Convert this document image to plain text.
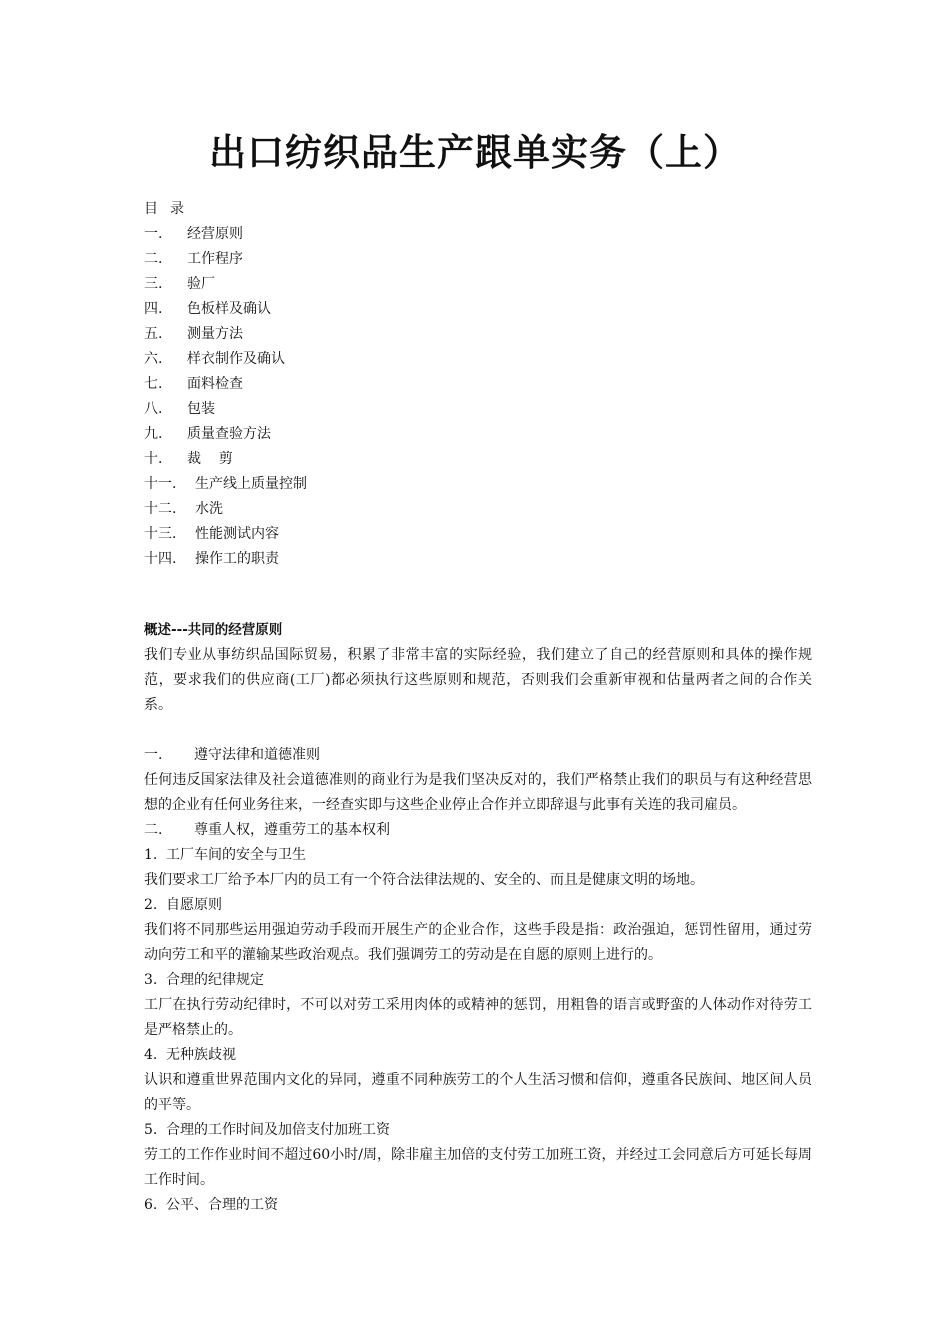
出口纺织品生产跟单实务（上）
目录
一. 经营原则
二. 工作程序
三. 验厂
四. 色板样及确认
五. 测量方法
六. 样衣制作及确认
七. 面料检查
八. 包装
九. 质量查验方法
十. 裁    剪
十一. 生产线上质量控制
十二. 水洗
十三. 性能测试内容
十四. 操作工的职责
概述---共同的经营原则
我们专业从事纺织品国际贸易，积累了非常丰富的实际经验，我们建立了自己的经营原则和具体的操作规范，要求我们的供应商(工厂)都必须执行这些原则和规范，否则我们会重新审视和估量两者之间的合作关系。
一. 遵守法律和道德准则
任何违反国家法律及社会道德准则的商业行为是我们坚决反对的，我们严格禁止我们的职员与有这种经营思想的企业有任何业务往来，一经查实即与这些企业停止合作并立即辞退与此事有关连的我司雇员。
二. 尊重人权，遵重劳工的基本权利
1. 工厂车间的安全与卫生
我们要求工厂给予本厂内的员工有一个符合法律法规的、安全的、而且是健康文明的场地。
2. 自愿原则
我们将不同那些运用强迫劳动手段而开展生产的企业合作，这些手段是指：政治强迫，惩罚性留用，通过劳动向劳工和平的灌输某些政治观点。我们强调劳工的劳动是在自愿的原则上进行的。
3. 合理的纪律规定
工厂在执行劳动纪律时，不可以对劳工采用肉体的或精神的惩罚，用粗鲁的语言或野蛮的人体动作对待劳工是严格禁止的。
4. 无种族歧视
认识和遵重世界范围内文化的异同，遵重不同种族劳工的个人生活习惯和信仰，遵重各民族间、地区间人员的平等。
5. 合理的工作时间及加倍支付加班工资
劳工的工作作业时间不超过60小时/周，除非雇主加倍的支付劳工加班工资，并经过工会同意后方可延长每周工作时间。
6. 公平、合理的工资
